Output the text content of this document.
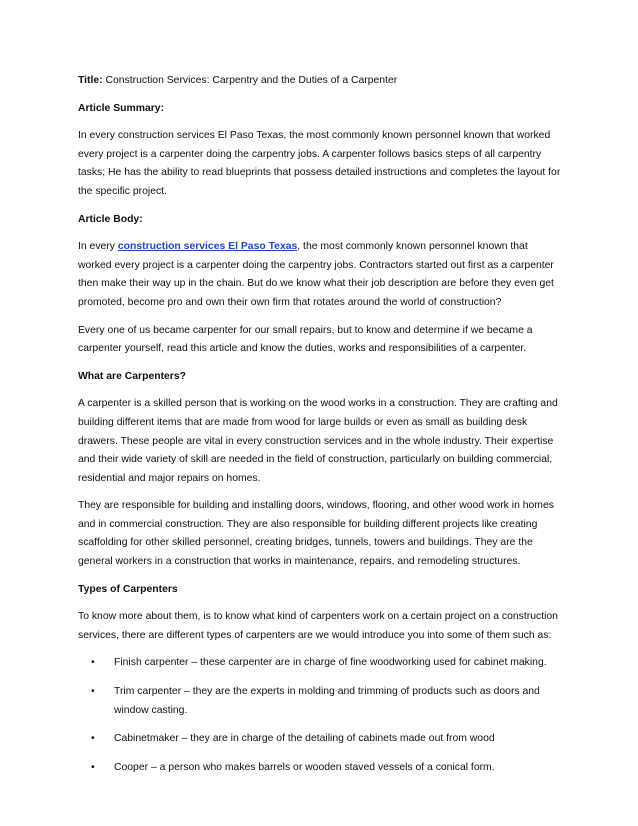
Title: Construction Services: Carpentry and the Duties of a Carpenter

Article Summary:

In every construction services El Paso Texas, the most commonly known personnel known that worked every project is a carpenter doing the carpentry jobs. A carpenter follows basics steps of all carpentry tasks; He has the ability to read blueprints that possess detailed instructions and completes the layout for the specific project.

Article Body:

In every construction services El Paso Texas, the most commonly known personnel known that worked every project is a carpenter doing the carpentry jobs. Contractors started out first as a carpenter then make their way up in the chain. But do we know what their job description are before they even get promoted, become pro and own their own firm that rotates around the world of construction?

Every one of us became carpenter for our small repairs, but to know and determine if we became a carpenter yourself, read this article and know the duties, works and responsibilities of a carpenter.

What are Carpenters?

A carpenter is a skilled person that is working on the wood works in a construction. They are crafting and building different items that are made from wood for large builds or even as small as building desk drawers. These people are vital in every construction services and in the whole industry. Their expertise and their wide variety of skill are needed in the field of construction, particularly on building commercial, residential and major repairs on homes.

They are responsible for building and installing doors, windows, flooring, and other wood work in homes and in commercial construction. They are also responsible for building different projects like creating scaffolding for other skilled personnel, creating bridges, tunnels, towers and buildings. They are the general workers in a construction that works in maintenance, repairs, and remodeling structures.

Types of Carpenters

To know more about them, is to know what kind of carpenters work on a certain project on a construction services, there are different types of carpenters are we would introduce you into some of them such as:

• Finish carpenter – these carpenter are in charge of fine woodworking used for cabinet making.
• Trim carpenter – they are the experts in molding and trimming of products such as doors and window casting.
• Cabinetmaker – they are in charge of the detailing of cabinets made out from wood
• Cooper – a person who makes barrels or wooden staved vessels of a conical form.
